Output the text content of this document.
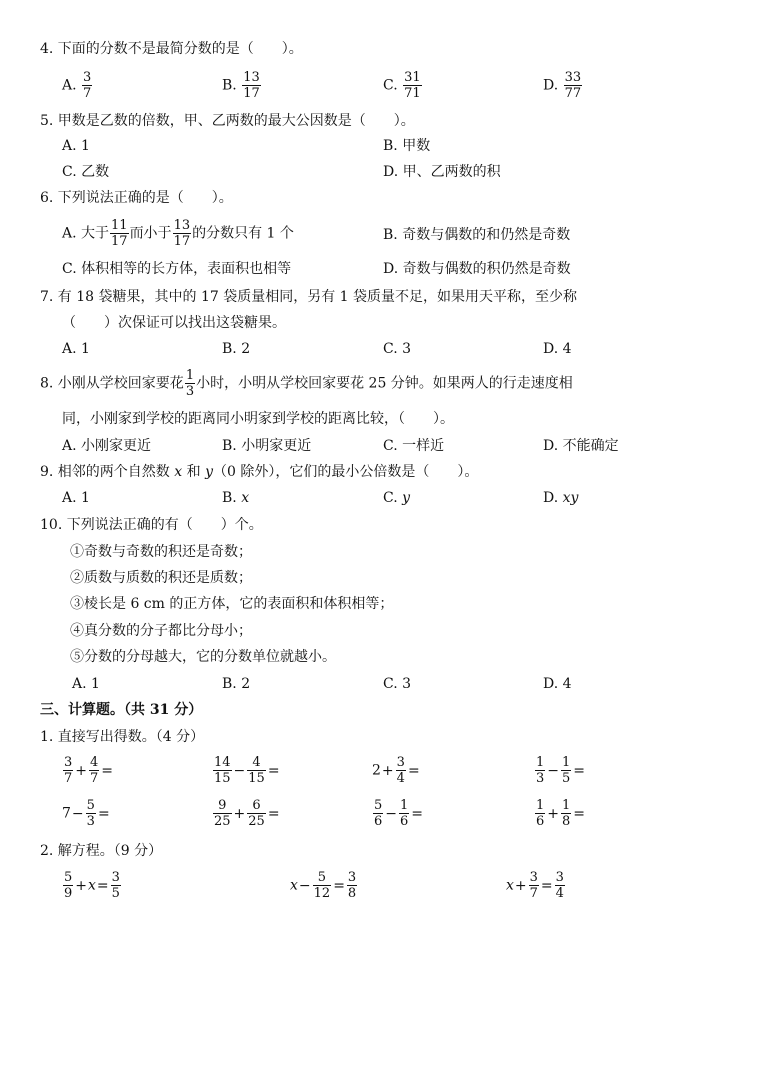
4. 下面的分数不是最简分数的是（　　）。
A. $\frac{3}{7}$	B. $\frac{13}{17}$	C. $\frac{31}{71}$	D. $\frac{33}{77}$
5. 甲数是乙数的倍数，甲、乙两数的最大公因数是（　　）。
A. 1	B. 甲数
C. 乙数	D. 甲、乙两数的积
6. 下列说法正确的是（　　）。
A. 大于 $\frac{11}{17}$ 而小于 $\frac{13}{17}$ 的分数只有 1 个	B. 奇数与偶数的和仍然是奇数
C. 体积相等的长方体，表面积也相等	D. 奇数与偶数的积仍然是奇数
7. 有 18 袋糖果，其中的 17 袋质量相同，另有 1 袋质量不足，如果用天平称，至少称
（　　）次保证可以找出这袋糖果。
A. 1	B. 2	C. 3	D. 4
8. 小刚从学校回家要花 $\frac{1}{3}$ 小时，小明从学校回家要花 25 分钟。如果两人的行走速度相
同，小刚家到学校的距离同小明家到学校的距离比较，（　　）。
A. 小刚家更近	B. 小明家更近	C. 一样近	D. 不能确定
9. 相邻的两个自然数 x 和 y（0 除外），它们的最小公倍数是（　　）。
A. 1	B. x	C. y	D. xy
10. 下列说法正确的有（　　）个。
①奇数与奇数的积还是奇数；
②质数与质数的积还是质数；
③棱长是 6 cm 的正方体，它的表面积和体积相等；
④真分数的分子都比分母小；
⑤分数的分母越大，它的分数单位就越小。
A. 1	B. 2	C. 3	D. 4
三、计算题。（共 31 分）
1. 直接写出得数。（4 分）
$\frac{3}{7} + \frac{4}{7}$ =	$\frac{14}{15} - \frac{4}{15}$ =	$2+ \frac{3}{4}$ =	$\frac{1}{3} - \frac{1}{5}$ =
$7- \frac{5}{3}$ =	$\frac{9}{25} + \frac{6}{25}$ =	$\frac{5}{6} - \frac{1}{6}$ =	$\frac{1}{6} + \frac{1}{8}$ =
2. 解方程。（9 分）
$\frac{5}{9} +x= \frac{3}{5}$	$x- \frac{5}{12} = \frac{3}{8}$	$x+ \frac{3}{7} = \frac{3}{4}$
